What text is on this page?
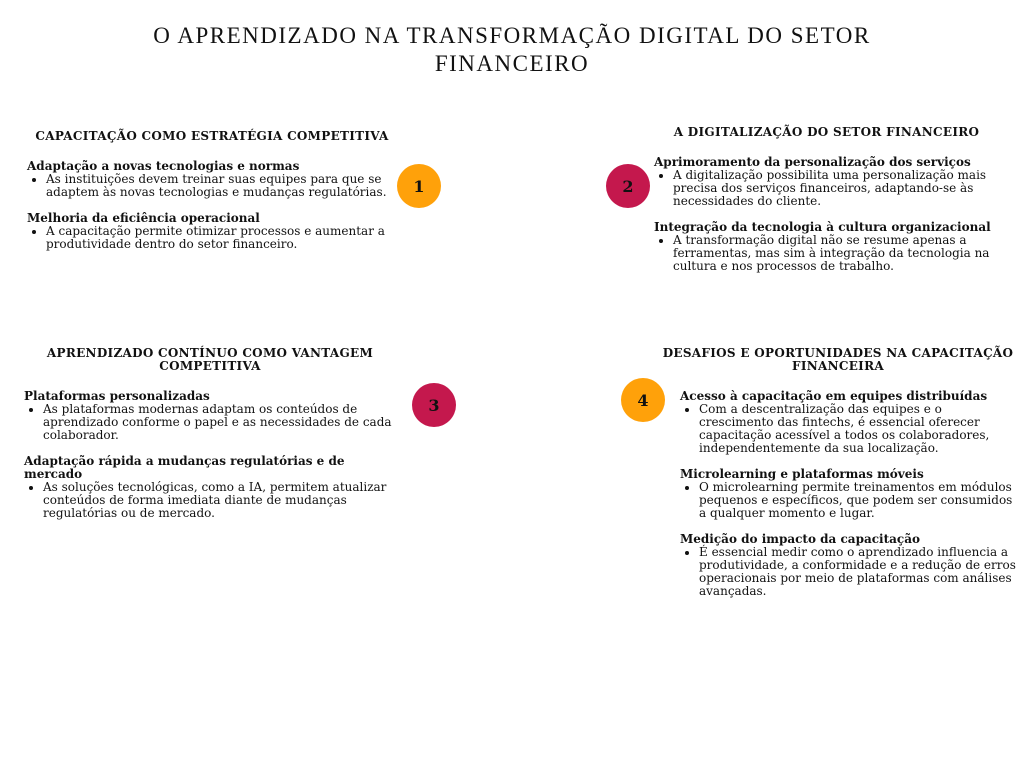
O APRENDIZADO NA TRANSFORMAÇÃO DIGITAL DO SETOR FINANCEIRO
CAPACITAÇÃO COMO ESTRATÉGIA COMPETITIVA
Adaptação a novas tecnologias e normas
• As instituições devem treinar suas equipes para que se adaptem às novas tecnologias e mudanças regulatórias.
Melhoria da eficiência operacional
• A capacitação permite otimizar processos e aumentar a produtividade dentro do setor financeiro.
1
A DIGITALIZAÇÃO DO SETOR FINANCEIRO
Aprimoramento da personalização dos serviços
• A digitalização possibilita uma personalização mais precisa dos serviços financeiros, adaptando-se às necessidades do cliente.
Integração da tecnologia à cultura organizacional
• A transformação digital não se resume apenas a ferramentas, mas sim à integração da tecnologia na cultura e nos processos de trabalho.
2
APRENDIZADO CONTÍNUO COMO VANTAGEM COMPETITIVA
Plataformas personalizadas
• As plataformas modernas adaptam os conteúdos de aprendizado conforme o papel e as necessidades de cada colaborador.
Adaptação rápida a mudanças regulatórias e de mercado
• As soluções tecnológicas, como a IA, permitem atualizar conteúdos de forma imediata diante de mudanças regulatórias ou de mercado.
3
DESAFIOS E OPORTUNIDADES NA CAPACITAÇÃO FINANCEIRA
Acesso à capacitação em equipes distribuídas
• Com a descentralização das equipes e o crescimento das fintechs, é essencial oferecer capacitação acessível a todos os colaboradores, independentemente da sua localização.
Microlearning e plataformas móveis
• O microlearning permite treinamentos em módulos pequenos e específicos, que podem ser consumidos a qualquer momento e lugar.
Medição do impacto da capacitação
• É essencial medir como o aprendizado influencia a produtividade, a conformidade e a redução de erros operacionais por meio de plataformas com análises avançadas.
4
